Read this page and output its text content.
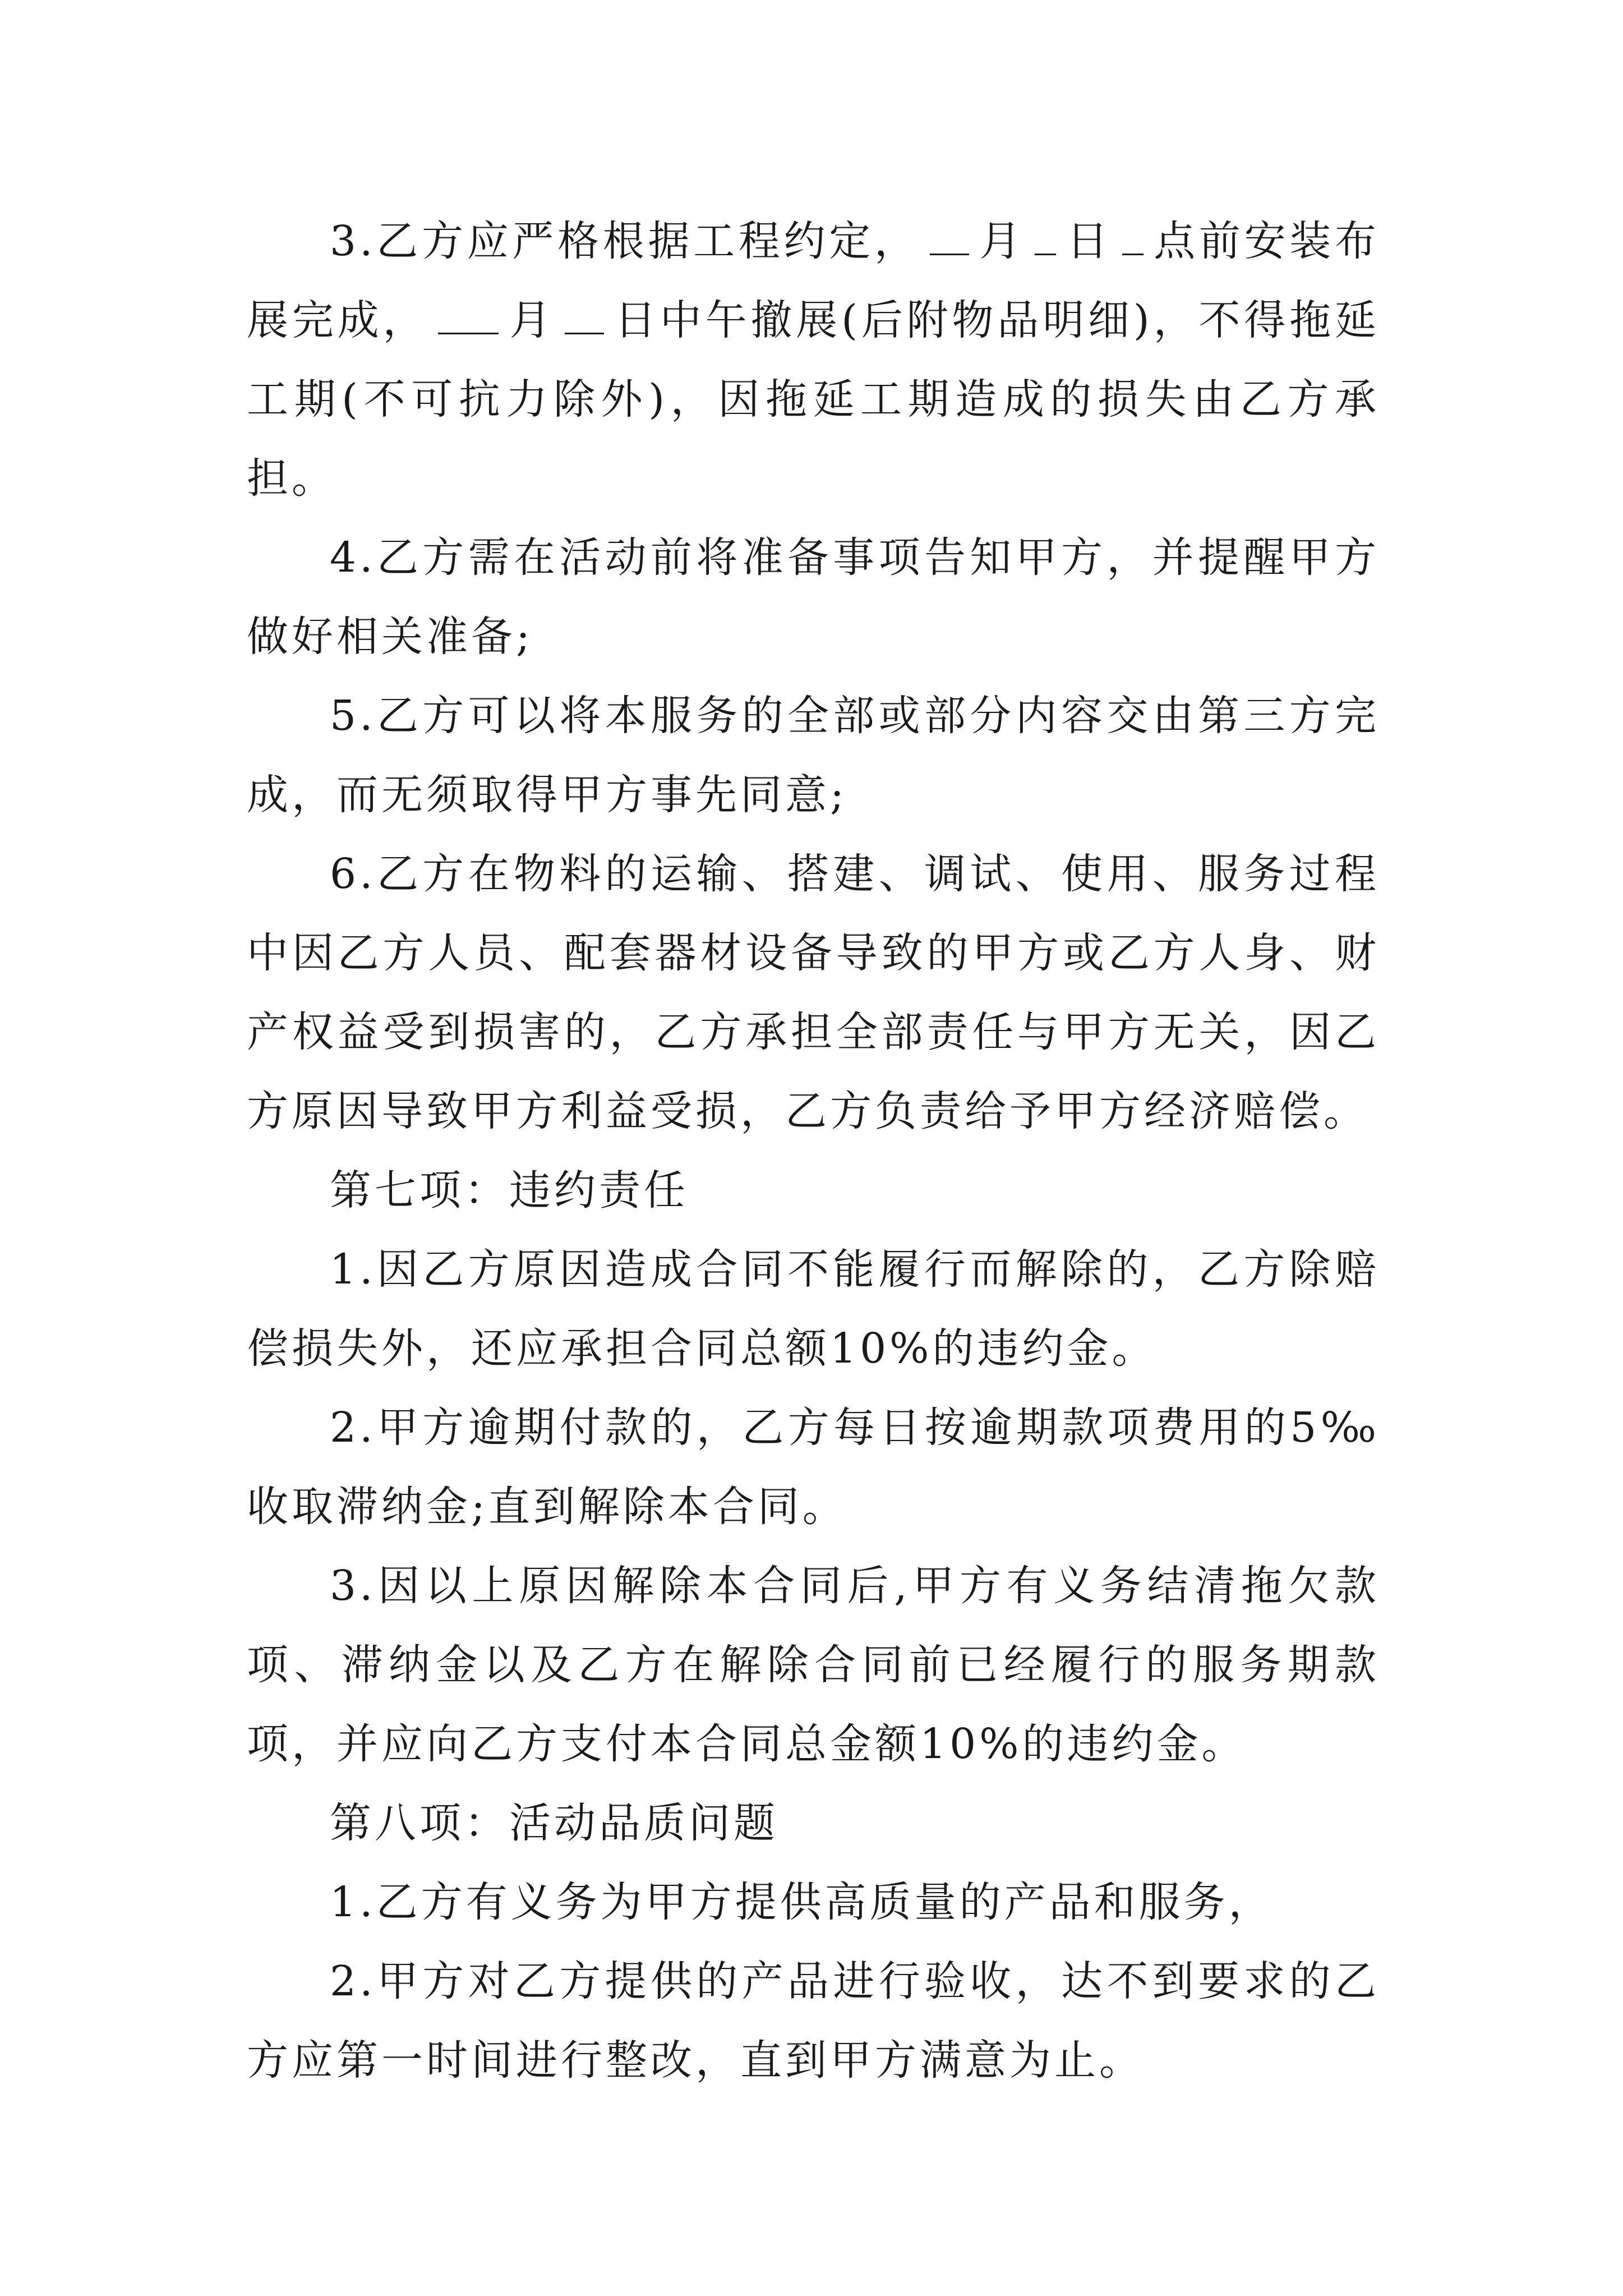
3.乙方应严格根据工程约定， 月 日 点前安装布展完成， 月 日中午撤展(后附物品明细)，不得拖延工期(不可抗力除外)，因拖延工期造成的损失由乙方承担。

4.乙方需在活动前将准备事项告知甲方，并提醒甲方做好相关准备;

5.乙方可以将本服务的全部或部分内容交由第三方完成，而无须取得甲方事先同意;

6.乙方在物料的运输、搭建、调试、使用、服务过程中因乙方人员、配套器材设备导致的甲方或乙方人身、财产权益受到损害的，乙方承担全部责任与甲方无关，因乙方原因导致甲方利益受损，乙方负责给予甲方经济赔偿。

第七项：违约责任

1.因乙方原因造成合同不能履行而解除的，乙方除赔偿损失外，还应承担合同总额10%的违约金。

2.甲方逾期付款的，乙方每日按逾期款项费用的5‰收取滞纳金;直到解除本合同。

3.因以上原因解除本合同后,甲方有义务结清拖欠款项、滞纳金以及乙方在解除合同前已经履行的服务期款项，并应向乙方支付本合同总金额10%的违约金。

第八项：活动品质问题

1.乙方有义务为甲方提供高质量的产品和服务，

2.甲方对乙方提供的产品进行验收，达不到要求的乙方应第一时间进行整改，直到甲方满意为止。
